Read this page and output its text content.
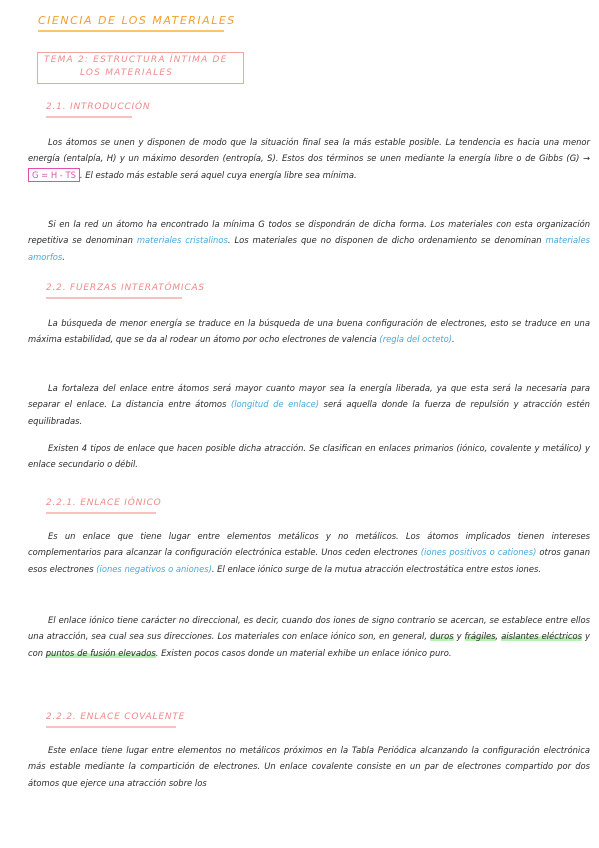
CIENCIA DE LOS MATERIALES
TEMA 2: ESTRUCTURA ÍNTIMA DE
LOS MATERIALES
2.1. INTRODUCCIÓN

Los átomos se unen y disponen de modo que la situación final sea la más estable posible. La tendencia es hacia una menor energía (entalpía, H) y un máximo desorden (entropía, S). Estos dos términos se unen mediante la energía libre o de Gibbs (G) → G = H - TS . El estado más estable será aquel cuya energía libre sea mínima.

Si en la red un átomo ha encontrado la mínima G todos se dispondrán de dicha forma. Los materiales con esta organización repetitiva se denominan materiales cristalinos. Los materiales que no disponen de dicho ordenamiento se denominan materiales amorfos.

2.2. FUERZAS INTERATÓMICAS

La búsqueda de menor energía se traduce en la búsqueda de una buena configuración de electrones, esto se traduce en una máxima estabilidad, que se da al rodear un átomo por ocho electrones de valencia (regla del octeto).

La fortaleza del enlace entre átomos será mayor cuanto mayor sea la energía liberada, ya que esta será la necesaria para separar el enlace. La distancia entre átomos (longitud de enlace) será aquella donde la fuerza de repulsión y atracción estén equilibradas.

Existen 4 tipos de enlace que hacen posible dicha atracción. Se clasifican en enlaces primarios (iónico, covalente y metálico) y enlace secundario o débil.

2.2.1. ENLACE IÓNICO

Es un enlace que tiene lugar entre elementos metálicos y no metálicos. Los átomos implicados tienen intereses complementarios para alcanzar la configuración electrónica estable. Unos ceden electrones (iones positivos o cationes) otros ganan esos electrones (iones negativos o aniones). El enlace iónico surge de la mutua atracción electrostática entre estos iones.

El enlace iónico tiene carácter no direccional, es decir, cuando dos iones de signo contrario se acercan, se establece entre ellos una atracción, sea cual sea sus direcciones. Los materiales con enlace iónico son, en general, duros y frágiles, aislantes eléctricos y con puntos de fusión elevados. Existen pocos casos donde un material exhibe un enlace iónico puro.

2.2.2. ENLACE COVALENTE

Este enlace tiene lugar entre elementos no metálicos próximos en la Tabla Periódica alcanzando la configuración electrónica más estable mediante la compartición de electrones. Un enlace covalente consiste en un par de electrones compartido por dos átomos que ejerce una atracción sobre los
